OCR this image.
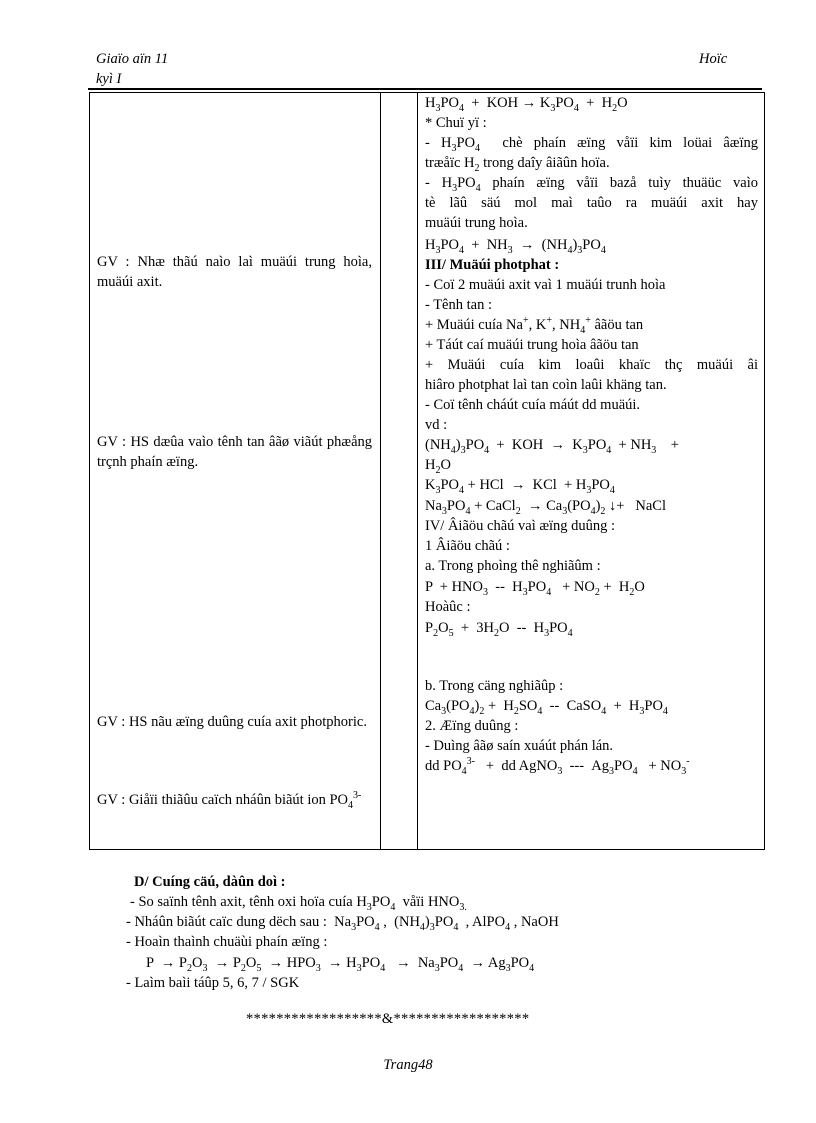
Giaïo aïn 11
kyì I
Hoïc
GV : Nhæ thãú naìo laì muäúi trung hoìa, muäúi axit.
GV : HS dæûa vaìo tênh tan âãø viãút phæång trçnh phaín æïng.
GV : HS nãu æïng duûng cuía axit photphoric.
GV : Giåïi thiãûu caïch nháûn biãút ion $PO_4^{3-}$
$H_3PO_4$  +  KOH → $K_3PO_4 + H_2O$
* Chuï yï :
- $H_3PO_4$ chè phaín æïng våïi kim loüai âæïng
træåïc $H_2$ trong daîy âiãûn hoïa.
- $H_3PO_4$ phaín æïng våïi bazå tuìy thuäüc vaìo
tè lãû säú mol maì taûo ra muäúi axit hay
muäúi trung hoìa.
$H_3PO_4 + NH_3 \to (NH_4)_3PO_4$
III/ Muäúi photphat :
- Coï 2 muäúi axit vaì 1 muäúi trunh hoìa
- Tênh tan :
+ Muäúi cuía Na+, K+, $NH_4^+$ âãöu tan
+ Táút caí muäúi trung hoìa âãöu tan
+ Muäúi cuía kim loaûi khaïc thç muäúi âi
hiâro photphat laì tan coìn laûi khäng tan.
- Coï tênh cháút cuía máút dd muäúi.
vd :
$(NH_4)_3PO_4$  +  KOH  →  $K_3PO_4 + NH_3$    +
$H_2O$
$K_3PO_4$ + HCl  →  KCl  + $H_3PO_4$
$Na_3PO_4$ + CaCl$_2$  → $Ca_3(PO_4)_2$ ↓+   NaCl
IV/ Âiãöu chãú vaì æïng duûng :
1 Âiãöu chãú :
a. Trong phoìng thê nghiãûm :
$P + HNO_3 -- H_3PO_4 + NO_2 + H_2O$
Hoàûc :
$P_2O_5 + 3H_2O -- H_3PO_4$
b. Trong cäng nghiãûp :
$Ca_3(PO_4)_2 + H_2SO_4$  --  CaSO$_4$  +  $H_3PO_4$
2. Æïng duûng :
- Duìng âãø saín xuáút phán lán.
dd $PO_4^{3-}$   +  dd AgNO$_3$  ---  $Ag_3PO_4 + NO_3^-$
D/ Cuíng cäú, dàûn doì :
- So saïnh tênh axit, tênh oxi hoïa cuía $H_3PO_4$ våïi $HNO_{3.}$
- Nháûn biãút caïc dung dëch sau :  $Na_3PO_4$ ,  $(NH_4)_3PO_4$  , AlPO$_4$ , NaOH
- Hoaìn thaình chuäùi phaín æïng :
$P \to P_2O_3 \to P_2O_5 \to HPO_3 \to H_3PO_4 \to Na_3PO_4 \to Ag_3PO_4$
- Laìm baìi táûp 5, 6, 7 / SGK
******************&******************
Trang48
